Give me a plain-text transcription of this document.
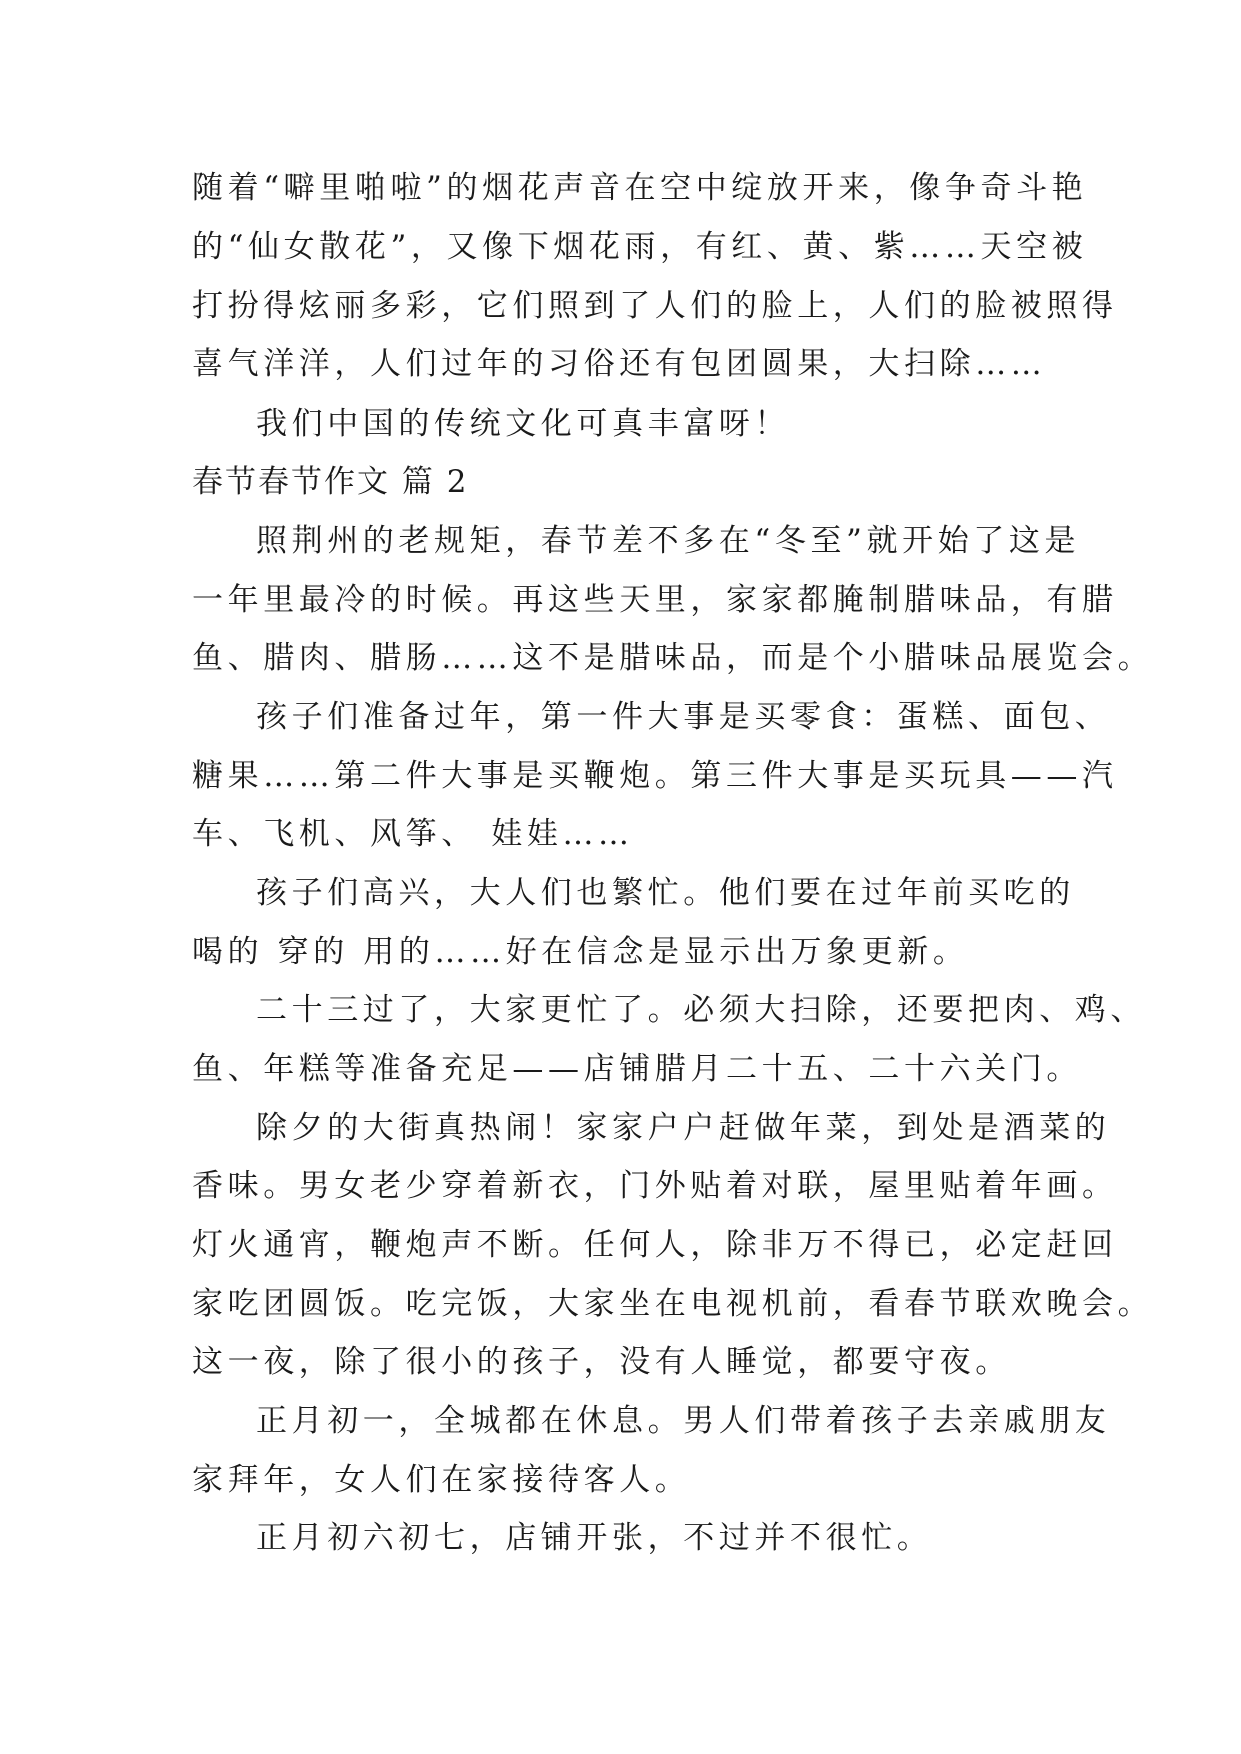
随着“噼里啪啦”的烟花声音在空中绽放开来，像争奇斗艳
的“仙女散花”，又像下烟花雨，有红、黄、紫……天空被
打扮得炫丽多彩，它们照到了人们的脸上，人们的脸被照得
喜气洋洋，人们过年的习俗还有包团圆果，大扫除……
我们中国的传统文化可真丰富呀！
春节春节作文 篇 2
照荆州的老规矩，春节差不多在“冬至”就开始了这是
一年里最冷的时候。再这些天里，家家都腌制腊味品，有腊
鱼、腊肉、腊肠……这不是腊味品，而是个小腊味品展览会。
孩子们准备过年，第一件大事是买零食：蛋糕、面包、
糖果……第二件大事是买鞭炮。第三件大事是买玩具——汽
车、飞机、风筝、 娃娃……
孩子们高兴，大人们也繁忙。他们要在过年前买吃的
喝的 穿的 用的……好在信念是显示出万象更新。
二十三过了，大家更忙了。必须大扫除，还要把肉、鸡、
鱼、年糕等准备充足——店铺腊月二十五、二十六关门。
除夕的大街真热闹！家家户户赶做年菜，到处是酒菜的
香味。男女老少穿着新衣，门外贴着对联，屋里贴着年画。
灯火通宵，鞭炮声不断。任何人，除非万不得已，必定赶回
家吃团圆饭。吃完饭，大家坐在电视机前，看春节联欢晚会。
这一夜，除了很小的孩子，没有人睡觉，都要守夜。
正月初一，全城都在休息。男人们带着孩子去亲戚朋友
家拜年，女人们在家接待客人。
正月初六初七，店铺开张，不过并不很忙。
